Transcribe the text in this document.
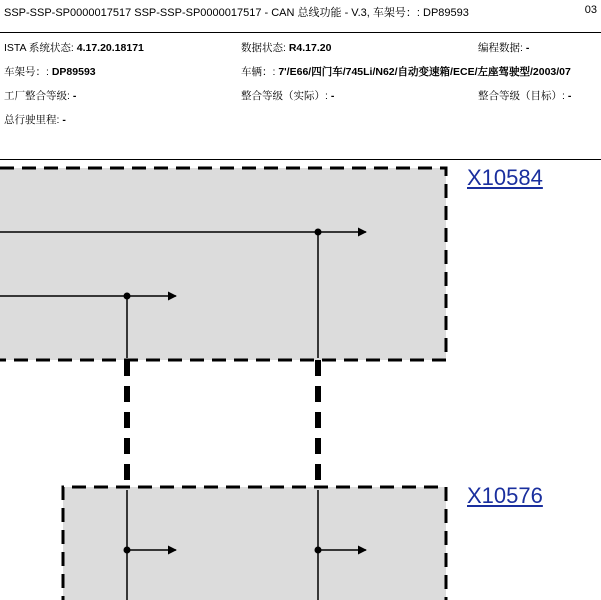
SSP-SSP-SP0000017517 SSP-SSP-SP0000017517 - CAN 总线功能 - V.3, 车架号：: DP89593	03
ISTA 系统状态: 4.17.20.18171	数据状态: R4.17.20	编程数据: -
车架号：: DP89593	车辆：: 7'/E66/四门车/745Li/N62/自动变速箱/ECE/左座驾驶型/2003/07
工厂整合等级: -	整合等级（实际）: -	整合等级（目标）: -
总行驶里程: -
X10584
X10576
